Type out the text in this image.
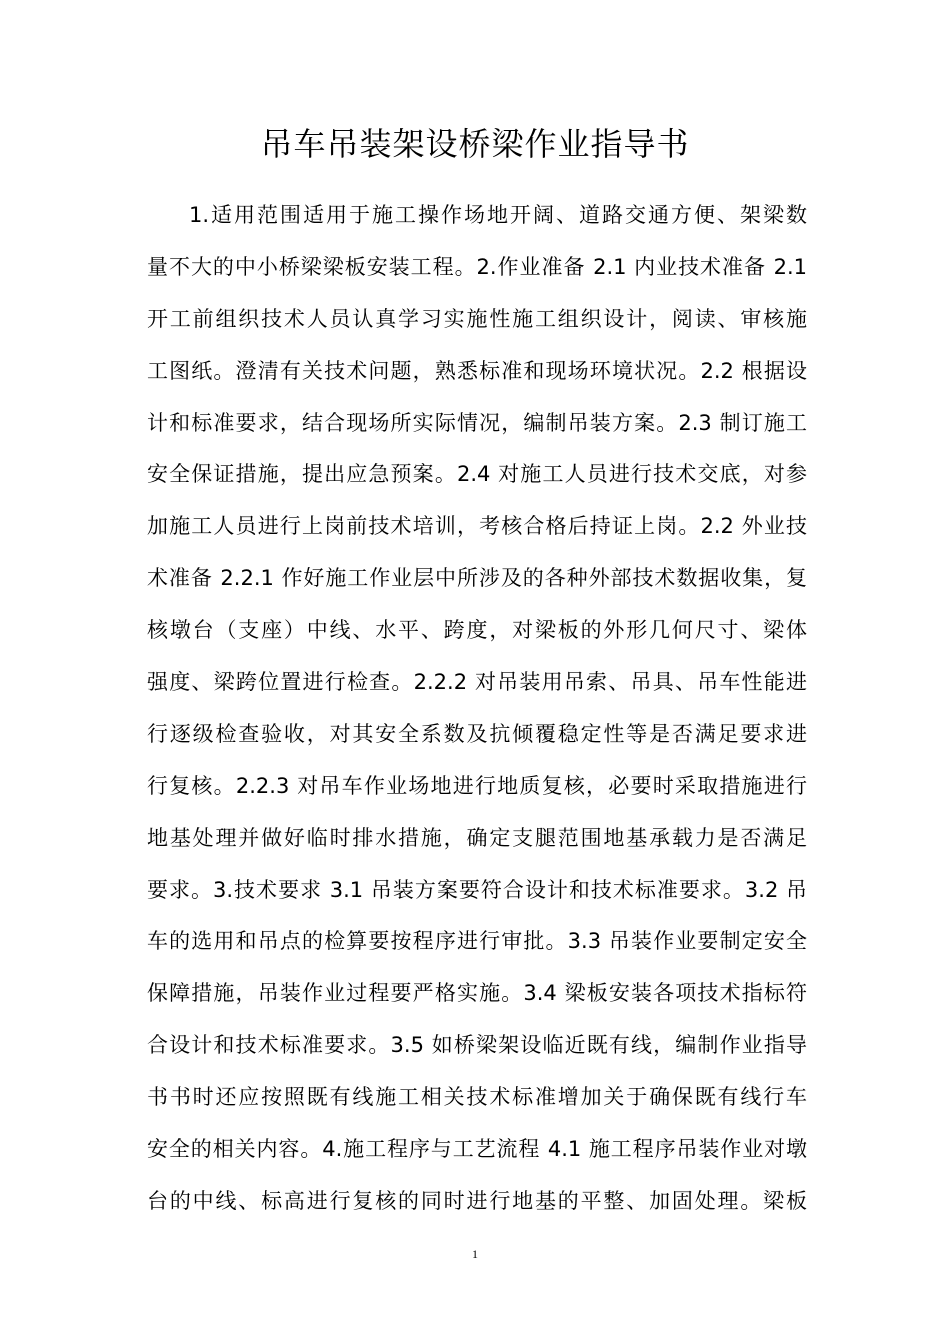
吊车吊装架设桥梁作业指导书
1.适用范围适用于施工操作场地开阔、道路交通方便、架梁数
量不大的中小桥梁梁板安装工程。2.作业准备 2.1 内业技术准备 2.1
开工前组织技术人员认真学习实施性施工组织设计，阅读、审核施
工图纸。澄清有关技术问题，熟悉标准和现场环境状况。2.2 根据设
计和标准要求，结合现场所实际情况，编制吊装方案。2.3 制订施工
安全保证措施，提出应急预案。2.4 对施工人员进行技术交底，对参
加施工人员进行上岗前技术培训，考核合格后持证上岗。2.2 外业技
术准备 2.2.1 作好施工作业层中所涉及的各种外部技术数据收集，复
核墩台（支座）中线、水平、跨度，对梁板的外形几何尺寸、梁体
强度、梁跨位置进行检查。2.2.2 对吊装用吊索、吊具、吊车性能进
行逐级检查验收，对其安全系数及抗倾覆稳定性等是否满足要求进
行复核。2.2.3 对吊车作业场地进行地质复核，必要时采取措施进行
地基处理并做好临时排水措施，确定支腿范围地基承载力是否满足
要求。3.技术要求 3.1 吊装方案要符合设计和技术标准要求。3.2 吊
车的选用和吊点的检算要按程序进行审批。3.3 吊装作业要制定安全
保障措施，吊装作业过程要严格实施。3.4 梁板安装各项技术指标符
合设计和技术标准要求。3.5 如桥梁架设临近既有线，编制作业指导
书书时还应按照既有线施工相关技术标准增加关于确保既有线行车
安全的相关内容。4.施工程序与工艺流程 4.1 施工程序吊装作业对墩
台的中线、标高进行复核的同时进行地基的平整、加固处理。梁板
1
